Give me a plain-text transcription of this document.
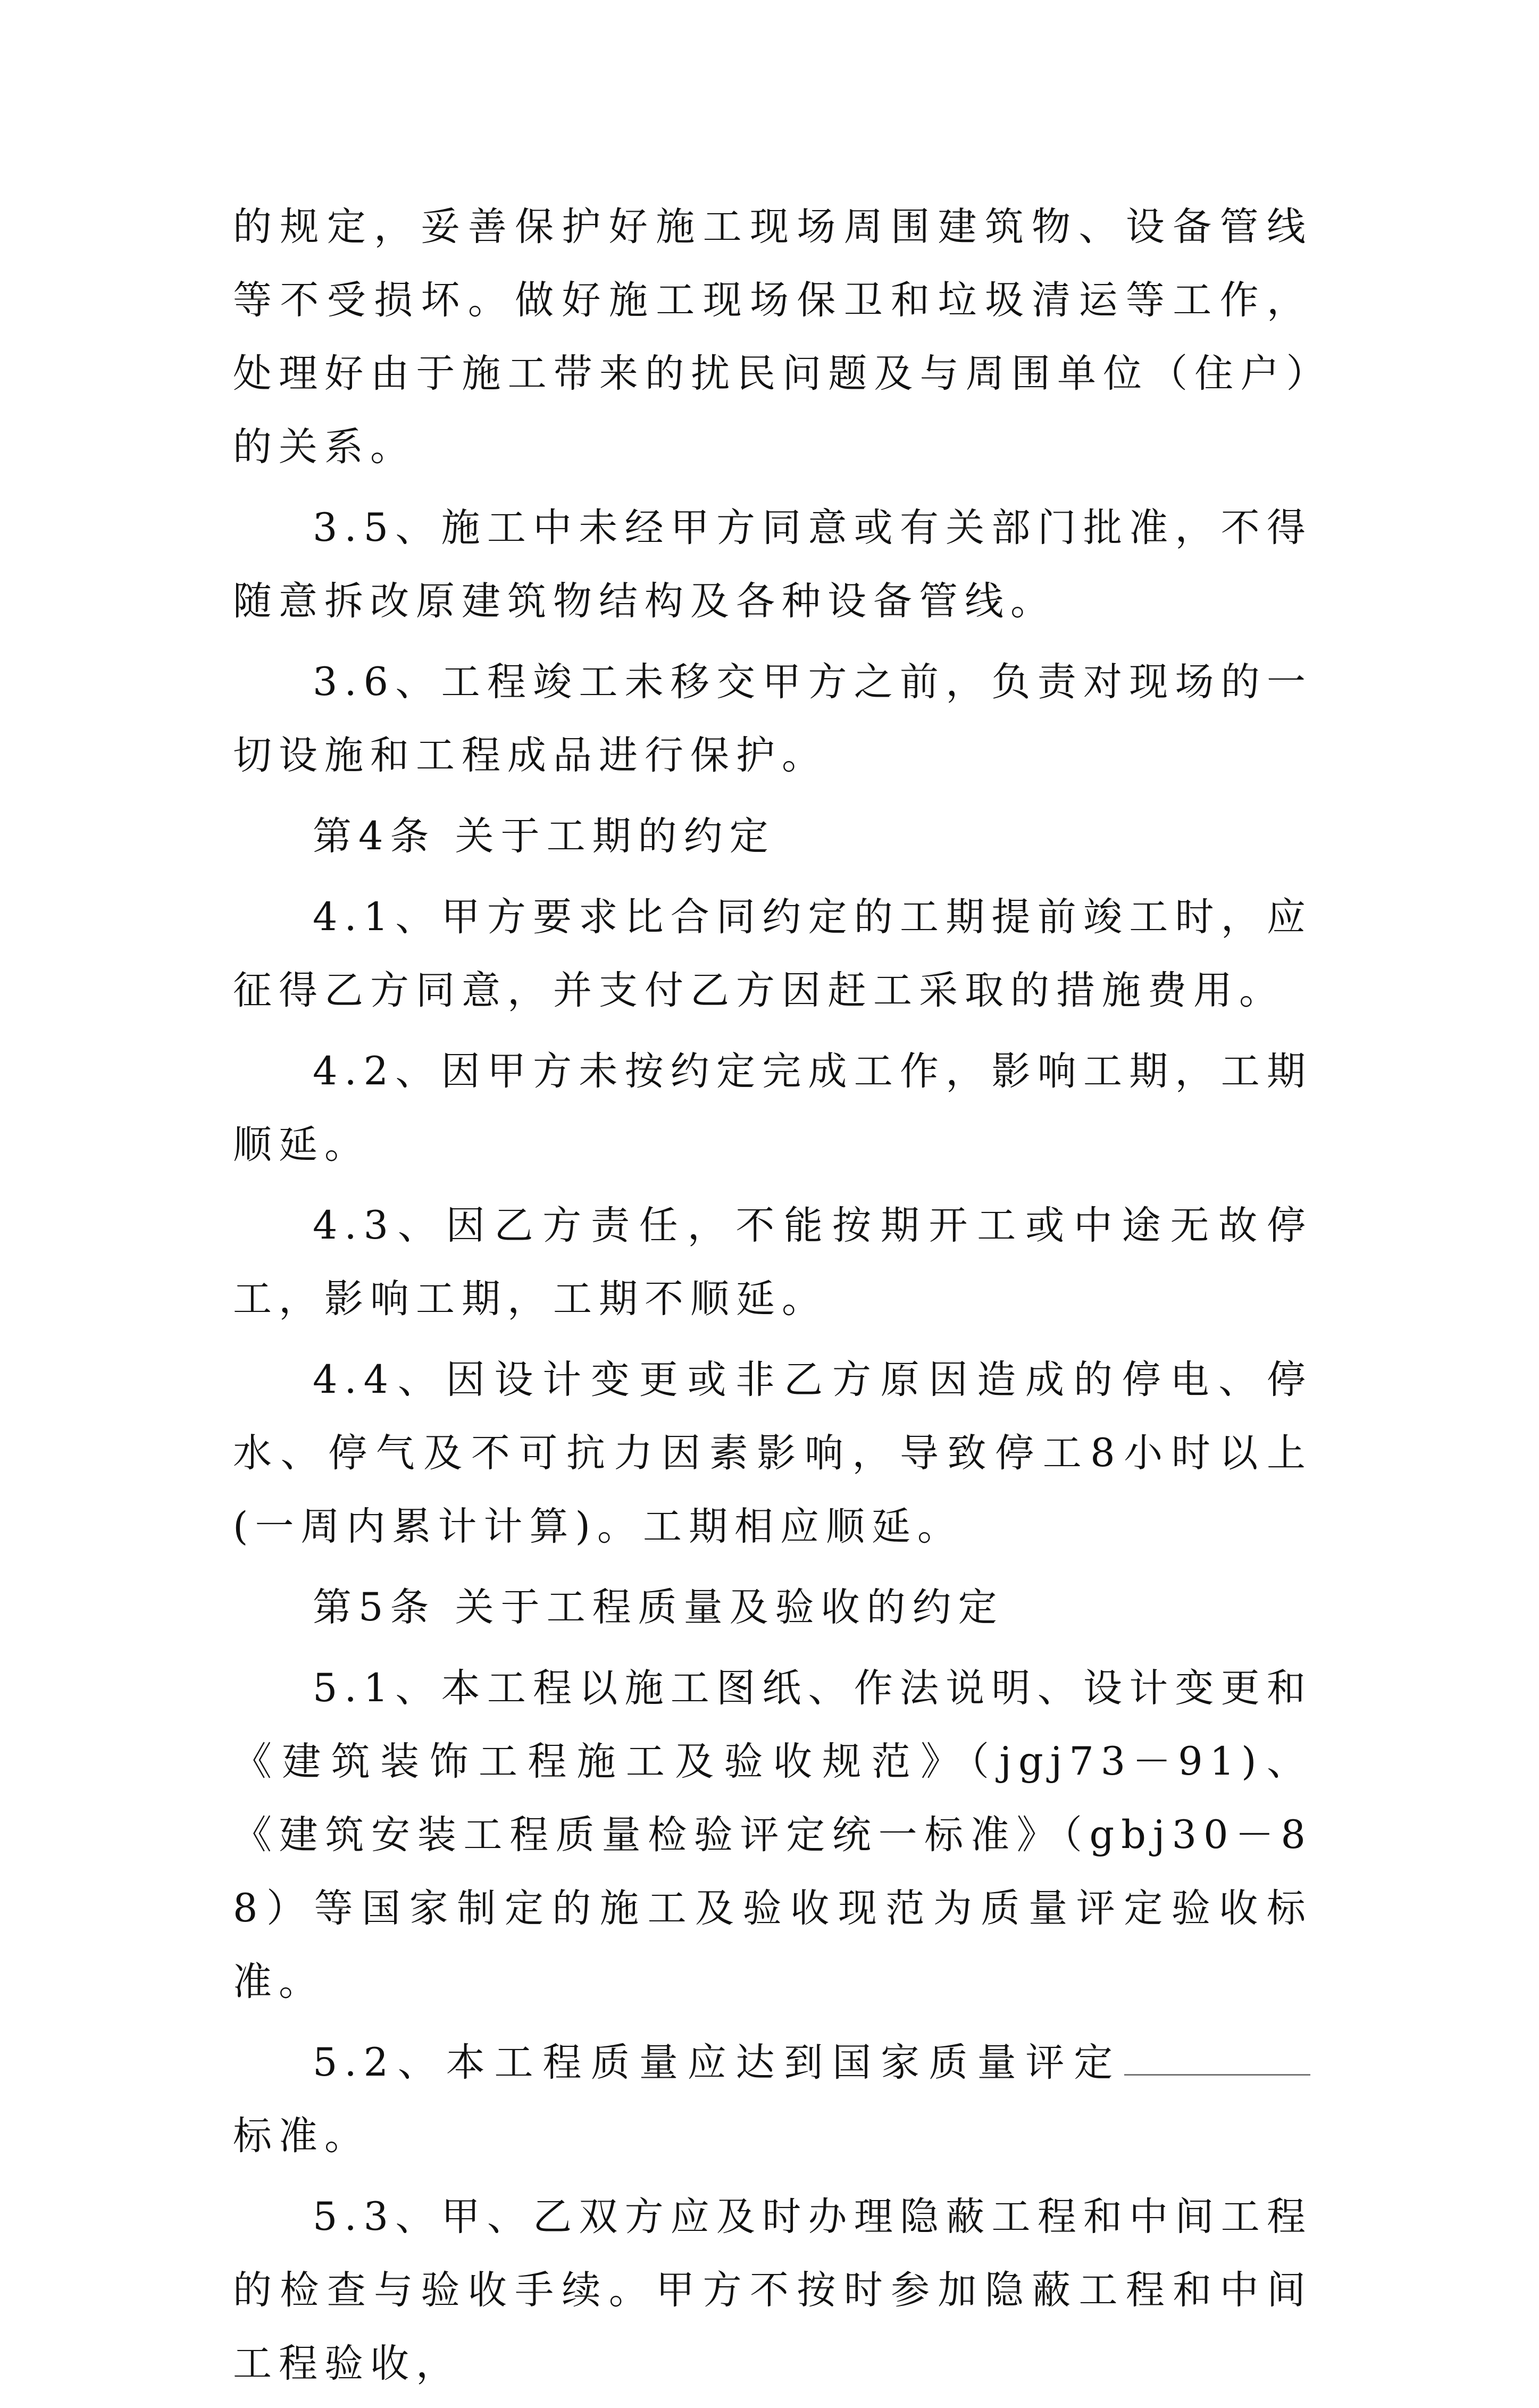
的规定，妥善保护好施工现场周围建筑物、设备管线等不受损坏。做好施工现场保卫和垃圾清运等工作，处理好由于施工带来的扰民问题及与周围单位（住户）的关系。

3.5、施工中未经甲方同意或有关部门批准，不得随意拆改原建筑物结构及各种设备管线。

3.6、工程竣工未移交甲方之前，负责对现场的一切设施和工程成品进行保护。

第4条 关于工期的约定

4.1、甲方要求比合同约定的工期提前竣工时，应征得乙方同意，并支付乙方因赶工采取的措施费用。

4.2、因甲方未按约定完成工作，影响工期，工期顺延。

4.3、因乙方责任，不能按期开工或中途无故停工，影响工期，工期不顺延。

4.4、因设计变更或非乙方原因造成的停电、停水、停气及不可抗力因素影响，导致停工8小时以上(一周内累计计算)。工期相应顺延。

第5条 关于工程质量及验收的约定

5.1、本工程以施工图纸、作法说明、设计变更和《建筑装饰工程施工及验收规范》（jgj73－91)、《建筑安装工程质量检验评定统一标准》（gbj30－88）等国家制定的施工及验收现范为质量评定验收标准。

5.2、本工程质量应达到国家质量评定标准。

5.3、甲、乙双方应及时办理隐蔽工程和中间工程的检查与验收手续。甲方不按时参加隐蔽工程和中间工程验收，
